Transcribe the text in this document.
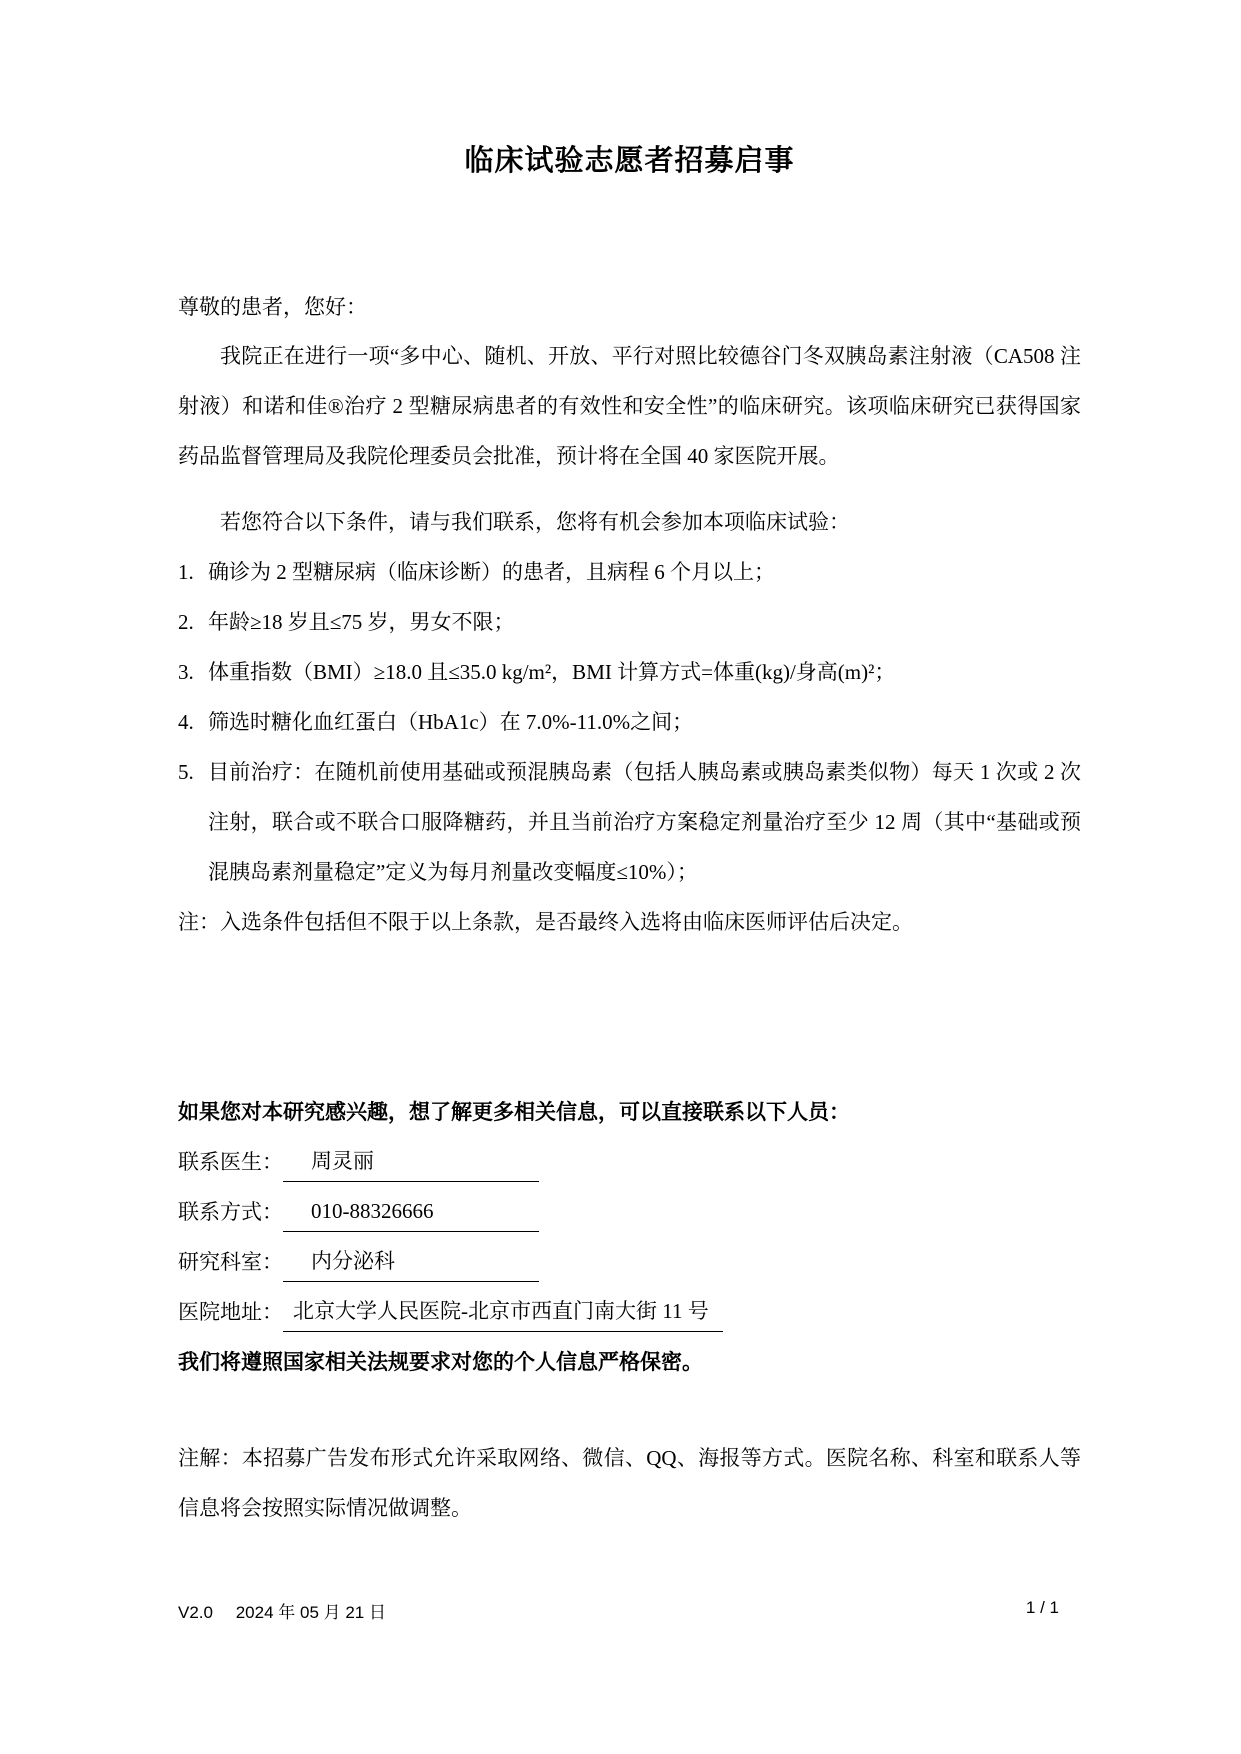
临床试验志愿者招募启事
尊敬的患者，您好：

我院正在进行一项“多中心、随机、开放、平行对照比较德谷门冬双胰岛素注射液（CA508 注射液）和诺和佳®治疗 2 型糖尿病患者的有效性和安全性”的临床研究。该项临床研究已获得国家药品监督管理局及我院伦理委员会批准，预计将在全国 40 家医院开展。

若您符合以下条件，请与我们联系，您将有机会参加本项临床试验：
1. 确诊为 2 型糖尿病（临床诊断）的患者，且病程 6 个月以上；
2. 年龄≥18 岁且≤75 岁，男女不限；
3. 体重指数（BMI）≥18.0 且≤35.0 kg/m²，BMI 计算方式=体重(kg)/身高(m)²；
4. 筛选时糖化血红蛋白（HbA1c）在 7.0%-11.0%之间；
5. 目前治疗：在随机前使用基础或预混胰岛素（包括人胰岛素或胰岛素类似物）每天 1 次或 2 次注射，联合或不联合口服降糖药，并且当前治疗方案稳定剂量治疗至少 12 周（其中“基础或预混胰岛素剂量稳定”定义为每月剂量改变幅度≤10%）；
注：入选条件包括但不限于以上条款，是否最终入选将由临床医师评估后决定。
如果您对本研究感兴趣，想了解更多相关信息，可以直接联系以下人员：
联系医生： 周灵丽
联系方式： 010-88326666
研究科室： 内分泌科
医院地址： 北京大学人民医院-北京市西直门南大街 11 号
我们将遵照国家相关法规要求对您的个人信息严格保密。

注解：本招募广告发布形式允许采取网络、微信、QQ、海报等方式。医院名称、科室和联系人等信息将会按照实际情况做调整。

V2.0 2024 年 05 月 21 日	1 / 1
